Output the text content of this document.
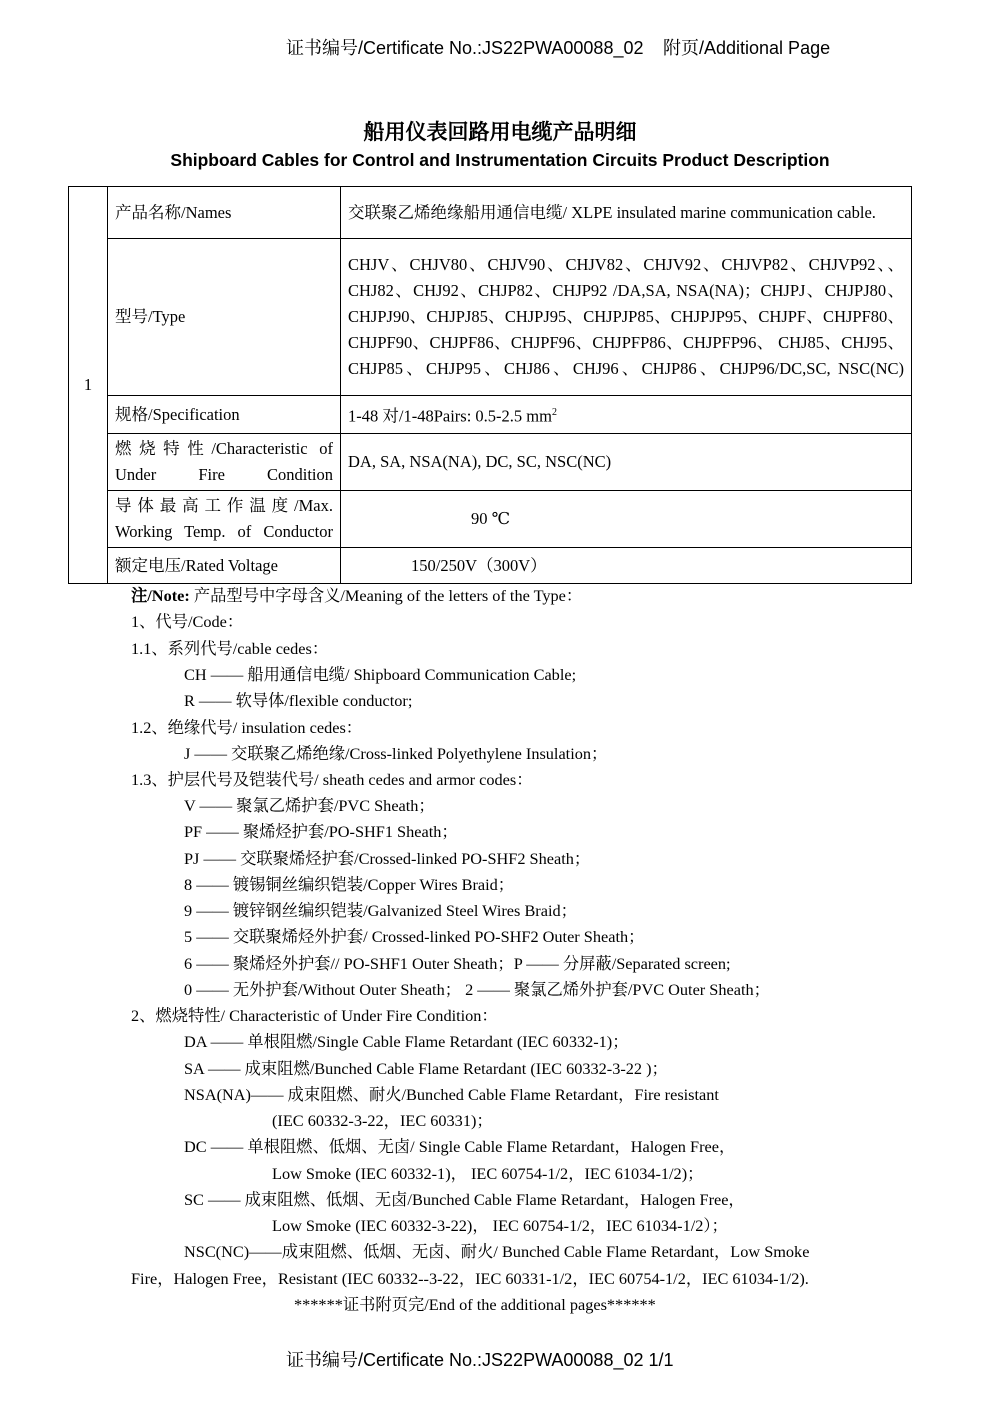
证书编号/Certificate No.:JS22PWA00088_02 附页/Additional Page
船用仪表回路用电缆产品明细
Shipboard Cables for Control and Instrumentation Circuits Product Description
1	产品名称/Names	交联聚乙烯绝缘船用通信电缆/ XLPE insulated marine communication cable.
	型号/Type	CHJV、CHJV80、CHJV90、CHJV82、CHJV92、CHJVP82、CHJVP92、、CHJ82、CHJ92、CHJP82、CHJP92 /DA,SA, NSA(NA)；CHJPJ、CHJPJ80、CHJPJ90、CHJPJ85、CHJPJ95、CHJPJP85、CHJPJP95、CHJPF、CHJPF80、CHJPF90、CHJPF86、CHJPF96、CHJPFP86、CHJPFP96、 CHJ85、CHJ95、CHJP85、CHJP95、CHJ86、CHJ96、CHJP86、CHJP96/DC,SC, NSC(NC)
	规格/Specification	1-48 对/1-48Pairs: 0.5-2.5 $mm^2$

	燃烧特性/Characteristic of Under Fire Condition	DA, SA, NSA(NA), DC, SC, NSC(NC)

	导体最高工作温度/Max. Working Temp. of Conductor	90 ℃
	额定电压/Rated Voltage	150/250V（300V）
注/Note: 产品型号中字母含义/Meaning of the letters of the Type：
1、代号/Code：
1.1、系列代号/cable cedes：
CH —— 船用通信电缆/ Shipboard Communication Cable;
R —— 软导体/flexible conductor;
1.2、绝缘代号/ insulation cedes：
J —— 交联聚乙烯绝缘/Cross-linked Polyethylene Insulation；
1.3、护层代号及铠装代号/ sheath cedes and armor codes：
V —— 聚氯乙烯护套/PVC Sheath；
PF —— 聚烯烃护套/PO-SHF1 Sheath；
PJ —— 交联聚烯烃护套/Crossed-linked PO-SHF2 Sheath；
8 —— 镀锡铜丝编织铠装/Copper Wires Braid；
9 —— 镀锌钢丝编织铠装/Galvanized Steel Wires Braid；
5 —— 交联聚烯烃外护套/ Crossed-linked PO-SHF2 Outer Sheath；
6 —— 聚烯烃外护套// PO-SHF1 Outer Sheath；P —— 分屏蔽/Separated screen;
0 —— 无外护套/Without Outer Sheath； 2 —— 聚氯乙烯外护套/PVC Outer Sheath；
2、燃烧特性/ Characteristic of Under Fire Condition：
DA —— 单根阻燃/Single Cable Flame Retardant (IEC 60332-1)；
SA —— 成束阻燃/Bunched Cable Flame Retardant (IEC 60332-3-22 )；
NSA(NA)—— 成束阻燃、耐火/Bunched Cable Flame Retardant，Fire resistant
(IEC 60332-3-22，IEC 60331)；
DC —— 单根阻燃、低烟、无卤/ Single Cable Flame Retardant，Halogen Free，
Low Smoke (IEC 60332-1)， IEC 60754-1/2，IEC 61034-1/2)；
SC —— 成束阻燃、低烟、无卤/Bunched Cable Flame Retardant，Halogen Free，
Low Smoke (IEC 60332-3-22)， IEC 60754-1/2，IEC 61034-1/2）；
NSC(NC)——成束阻燃、低烟、无卤、耐火/ Bunched Cable Flame Retardant，Low Smoke
Fire，Halogen Free，Resistant (IEC 60332--3-22，IEC 60331-1/2，IEC 60754-1/2，IEC 61034-1/2).
******证书附页完/End of the additional pages******
证书编号/Certificate No.:JS22PWA00088_02 1/1
